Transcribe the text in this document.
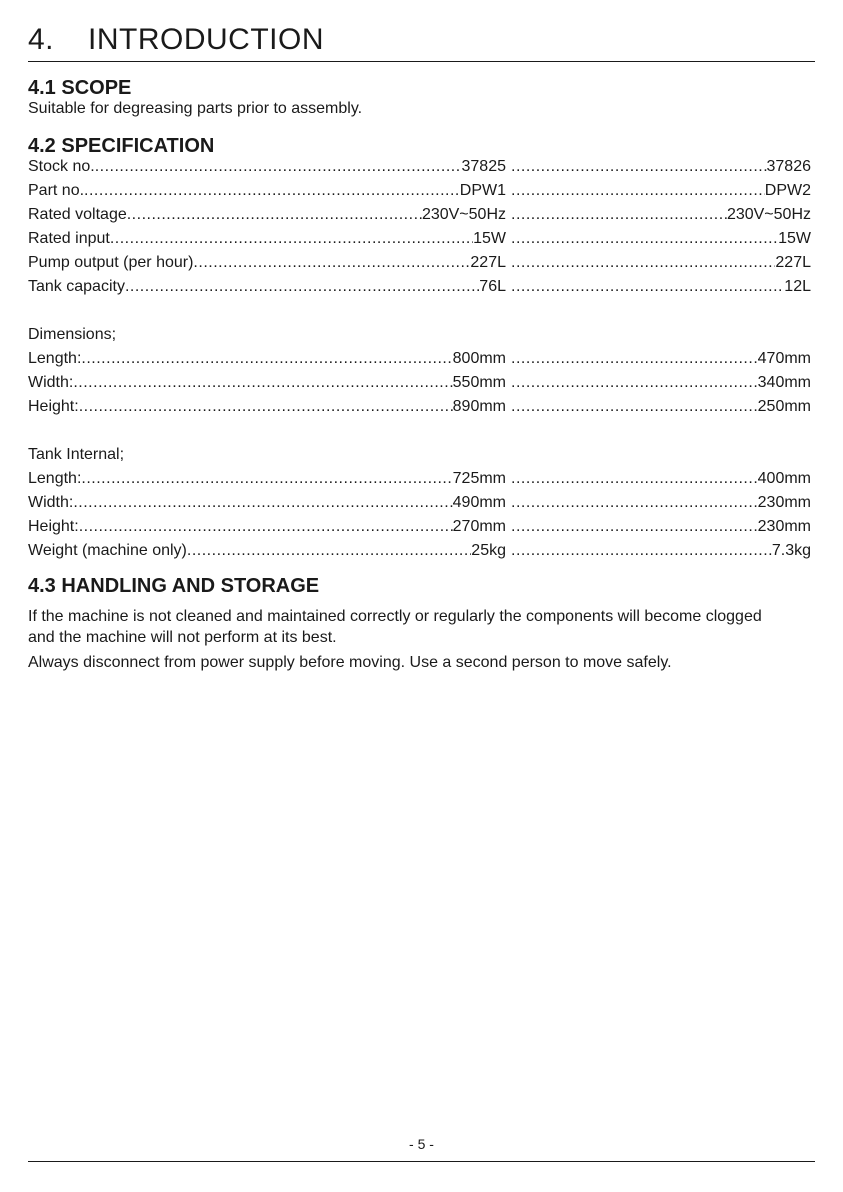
4. INTRODUCTION
4.1 SCOPE

Suitable for degreasing parts prior to assembly.

4.2 SPECIFICATION
Stock no. .....	37825 .....	37826
Part no. .....	DPW1 .....	DPW2
Rated voltage .....	230V~50Hz .....	230V~50Hz
Rated input .....	15W .....	15W
Pump output (per hour) .....	227L .....	227L
Tank capacity .....	76L .....	12L
Dimensions;
Length: .....	800mm .....	470mm
Width: .....	550mm .....	340mm
Height: .....	890mm .....	250mm
Tank Internal;
Length: .....	725mm .....	400mm
Width: .....	490mm .....	230mm
Height: .....	270mm .....	230mm
Weight (machine only) .....	25kg .....	7.3kg
4.3 HANDLING AND STORAGE

If the machine is not cleaned and maintained correctly or regularly the components will become clogged and the machine will not perform at its best.

Always disconnect from power supply before moving. Use a second person to move safely.

- 5 -
